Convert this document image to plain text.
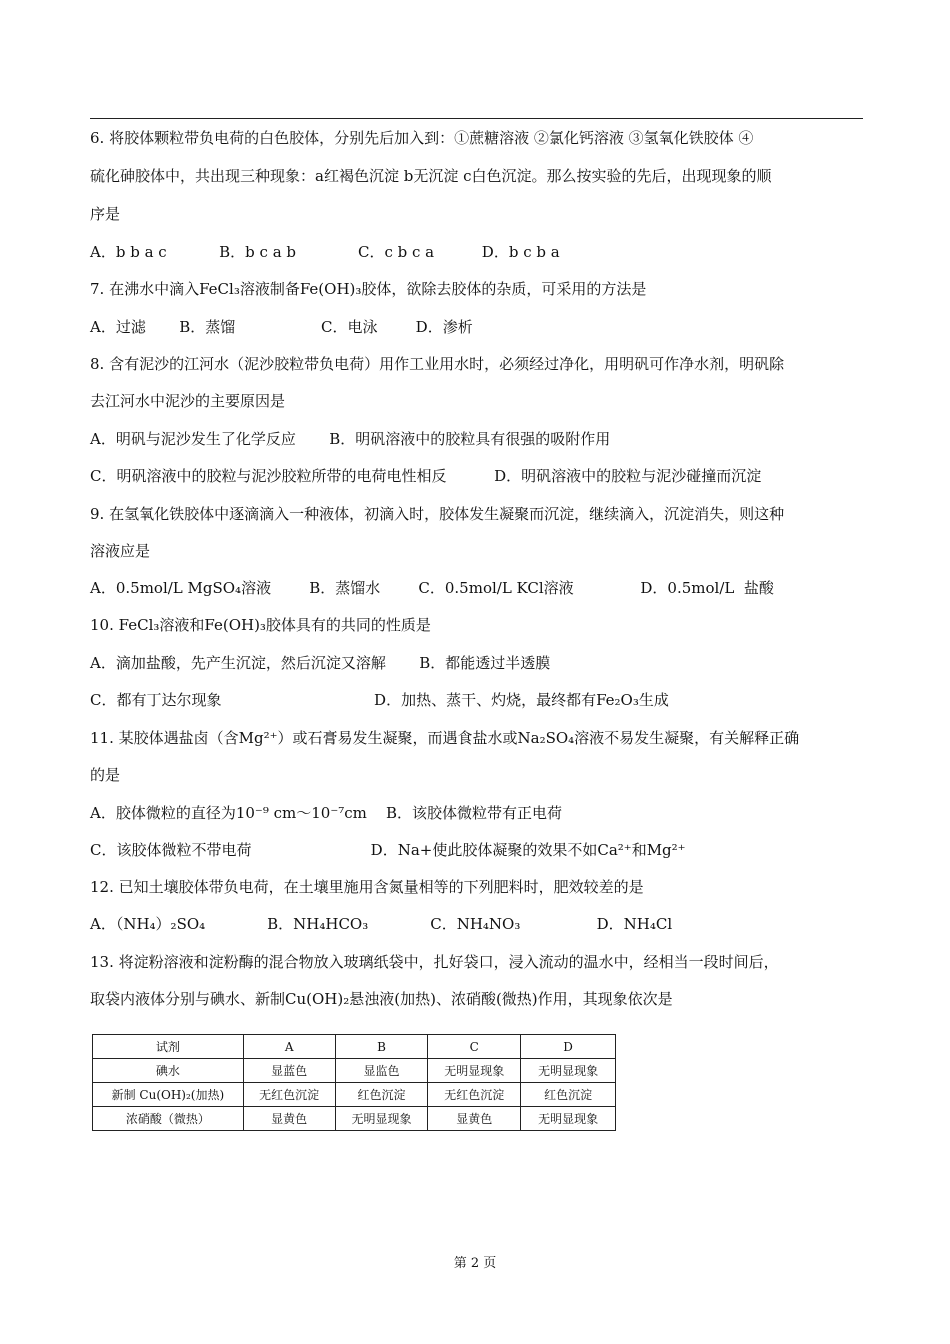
6. 将胶体颗粒带负电荷的白色胶体，分别先后加入到：①蔗糖溶液 ②氯化钙溶液 ③氢氧化铁胶体 ④
硫化砷胶体中，共出现三种现象：a红褐色沉淀 b无沉淀 c白色沉淀。那么按实验的先后，出现现象的顺
序是
A．b b a c           B．b c a b             C．c b c a          D．b c b a
7. 在沸水中滴入FeCl₃溶液制备Fe(OH)₃胶体，欲除去胶体的杂质，可采用的方法是
A．过滤       B．蒸馏                  C．电泳        D．渗析
8. 含有泥沙的江河水（泥沙胶粒带负电荷）用作工业用水时，必须经过净化，用明矾可作净水剂，明矾除
去江河水中泥沙的主要原因是
A．明矾与泥沙发生了化学反应       B．明矾溶液中的胶粒具有很强的吸附作用
C．明矾溶液中的胶粒与泥沙胶粒所带的电荷电性相反          D．明矾溶液中的胶粒与泥沙碰撞而沉淀
9. 在氢氧化铁胶体中逐滴滴入一种液体，初滴入时，胶体发生凝聚而沉淀，继续滴入，沉淀消失，则这种
溶液应是
A．0.5mol/L MgSO₄溶液        B．蒸馏水        C．0.5mol/L KCl溶液              D．0.5mol/L  盐酸
10. FeCl₃溶液和Fe(OH)₃胶体具有的共同的性质是
A．滴加盐酸，先产生沉淀，然后沉淀又溶解       B．都能透过半透膜
C．都有丁达尔现象                                D．加热、蒸干、灼烧，最终都有Fe₂O₃生成
11. 某胶体遇盐卤（含Mg²⁺）或石膏易发生凝聚，而遇食盐水或Na₂SO₄溶液不易发生凝聚，有关解释正确
的是
A．胶体微粒的直径为10⁻⁹ cm～10⁻⁷cm    B．该胶体微粒带有正电荷
C．该胶体微粒不带电荷                         D．Na+使此胶体凝聚的效果不如Ca²⁺和Mg²⁺
12. 已知土壤胶体带负电荷，在土壤里施用含氮量相等的下列肥料时，肥效较差的是
A．（NH₄）₂SO₄             B．NH₄HCO₃             C．NH₄NO₃                D．NH₄Cl
13. 将淀粉溶液和淀粉酶的混合物放入玻璃纸袋中，扎好袋口，浸入流动的温水中，经相当一段时间后，
取袋内液体分别与碘水、新制Cu(OH)₂悬浊液(加热)、浓硝酸(微热)作用，其现象依次是
试剂	A	B	C	D
碘水	显蓝色	显监色	无明显现象	无明显现象
新制 Cu(OH)₂(加热)	无红色沉淀	红色沉淀	无红色沉淀	红色沉淀
浓硝酸（微热）	显黄色	无明显现象	显黄色	无明显现象
第 2 页
